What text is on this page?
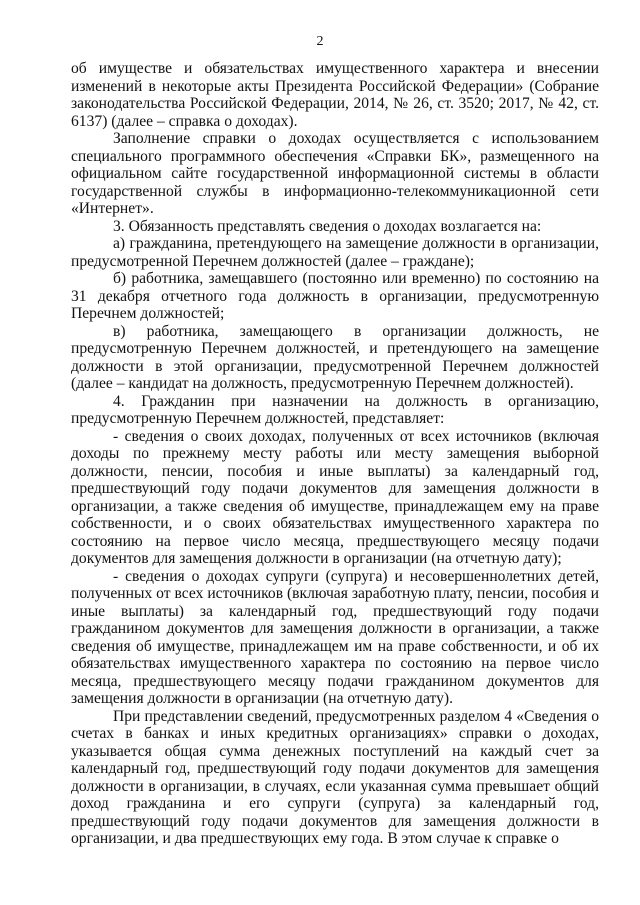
2

об имуществе и обязательствах имущественного характера и внесении изменений в некоторые акты Президента Российской Федерации» (Собрание законодательства Российской Федерации, 2014, № 26, ст. 3520; 2017, № 42, ст. 6137) (далее – справка о доходах).

Заполнение справки о доходах осуществляется с использованием специального программного обеспечения «Справки БК», размещенного на официальном сайте государственной информационной системы в области государственной службы в информационно-телекоммуникационной сети «Интернет».

3. Обязанность представлять сведения о доходах возлагается на:

а) гражданина, претендующего на замещение должности в организации, предусмотренной Перечнем должностей (далее – граждане);

б) работника, замещавшего (постоянно или временно) по состоянию на 31 декабря отчетного года должность в организации, предусмотренную Перечнем должностей;

в) работника, замещающего в организации должность, не предусмотренную Перечнем должностей, и претендующего на замещение должности в этой организации, предусмотренной Перечнем должностей (далее – кандидат на должность, предусмотренную Перечнем должностей).

4. Гражданин при назначении на должность в организацию, предусмотренную Перечнем должностей, представляет:

- сведения о своих доходах, полученных от всех источников (включая доходы по прежнему месту работы или месту замещения выборной должности, пенсии, пособия и иные выплаты) за календарный год, предшествующий году подачи документов для замещения должности в организации, а также сведения об имуществе, принадлежащем ему на праве собственности, и о своих обязательствах имущественного характера по состоянию на первое число месяца, предшествующего месяцу подачи документов для замещения должности в организации (на отчетную дату);

- сведения о доходах супруги (супруга) и несовершеннолетних детей, полученных от всех источников (включая заработную плату, пенсии, пособия и иные выплаты) за календарный год, предшествующий году подачи гражданином документов для замещения должности в организации, а также сведения об имуществе, принадлежащем им на праве собственности, и об их обязательствах имущественного характера по состоянию на первое число месяца, предшествующего месяцу подачи гражданином документов для замещения должности в организации (на отчетную дату).

При представлении сведений, предусмотренных разделом 4 «Сведения о счетах в банках и иных кредитных организациях» справки о доходах, указывается общая сумма денежных поступлений на каждый счет за календарный год, предшествующий году подачи документов для замещения должности в организации, в случаях, если указанная сумма превышает общий доход гражданина и его супруги (супруга) за календарный год, предшествующий году подачи документов для замещения должности в организации, и два предшествующих ему года. В этом случае к справке о
